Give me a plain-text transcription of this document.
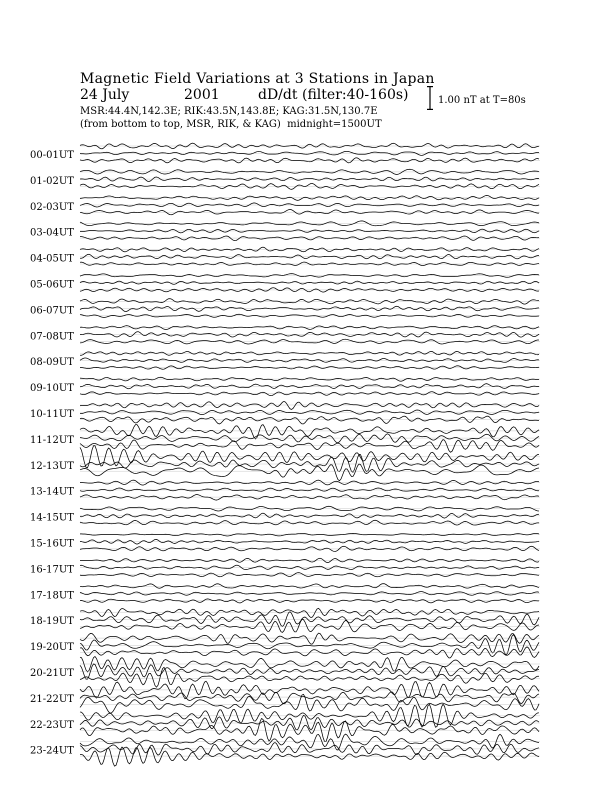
Magnetic Field Variations at 3 Stations in Japan
24 July	2001	dD/dt (filter:40-160s)
MSR:44.4N,142.3E; RIK:43.5N,143.8E; KAG:31.5N,130.7E
(from bottom to top, MSR, RIK, & KAG) midnight=1500UT
1.00 nT at T=80s
00-01UT
01-02UT
02-03UT
03-04UT
04-05UT
05-06UT
06-07UT
07-08UT
08-09UT
09-10UT
10-11UT
11-12UT
12-13UT
13-14UT
14-15UT
15-16UT
16-17UT
17-18UT
18-19UT
19-20UT
20-21UT
21-22UT
22-23UT
23-24UT
